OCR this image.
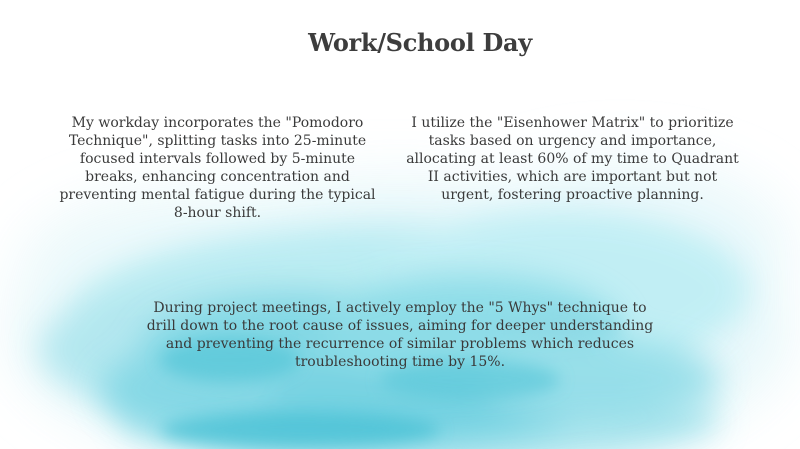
Work/School Day
My workday incorporates the "Pomodoro Technique", splitting tasks into 25-minute focused intervals followed by 5-minute breaks, enhancing concentration and preventing mental fatigue during the typical 8-hour shift.
I utilize the "Eisenhower Matrix" to prioritize tasks based on urgency and importance, allocating at least 60% of my time to Quadrant II activities, which are important but not urgent, fostering proactive planning.
During project meetings, I actively employ the "5 Whys" technique to drill down to the root cause of issues, aiming for deeper understanding and preventing the recurrence of similar problems which reduces troubleshooting time by 15%.
